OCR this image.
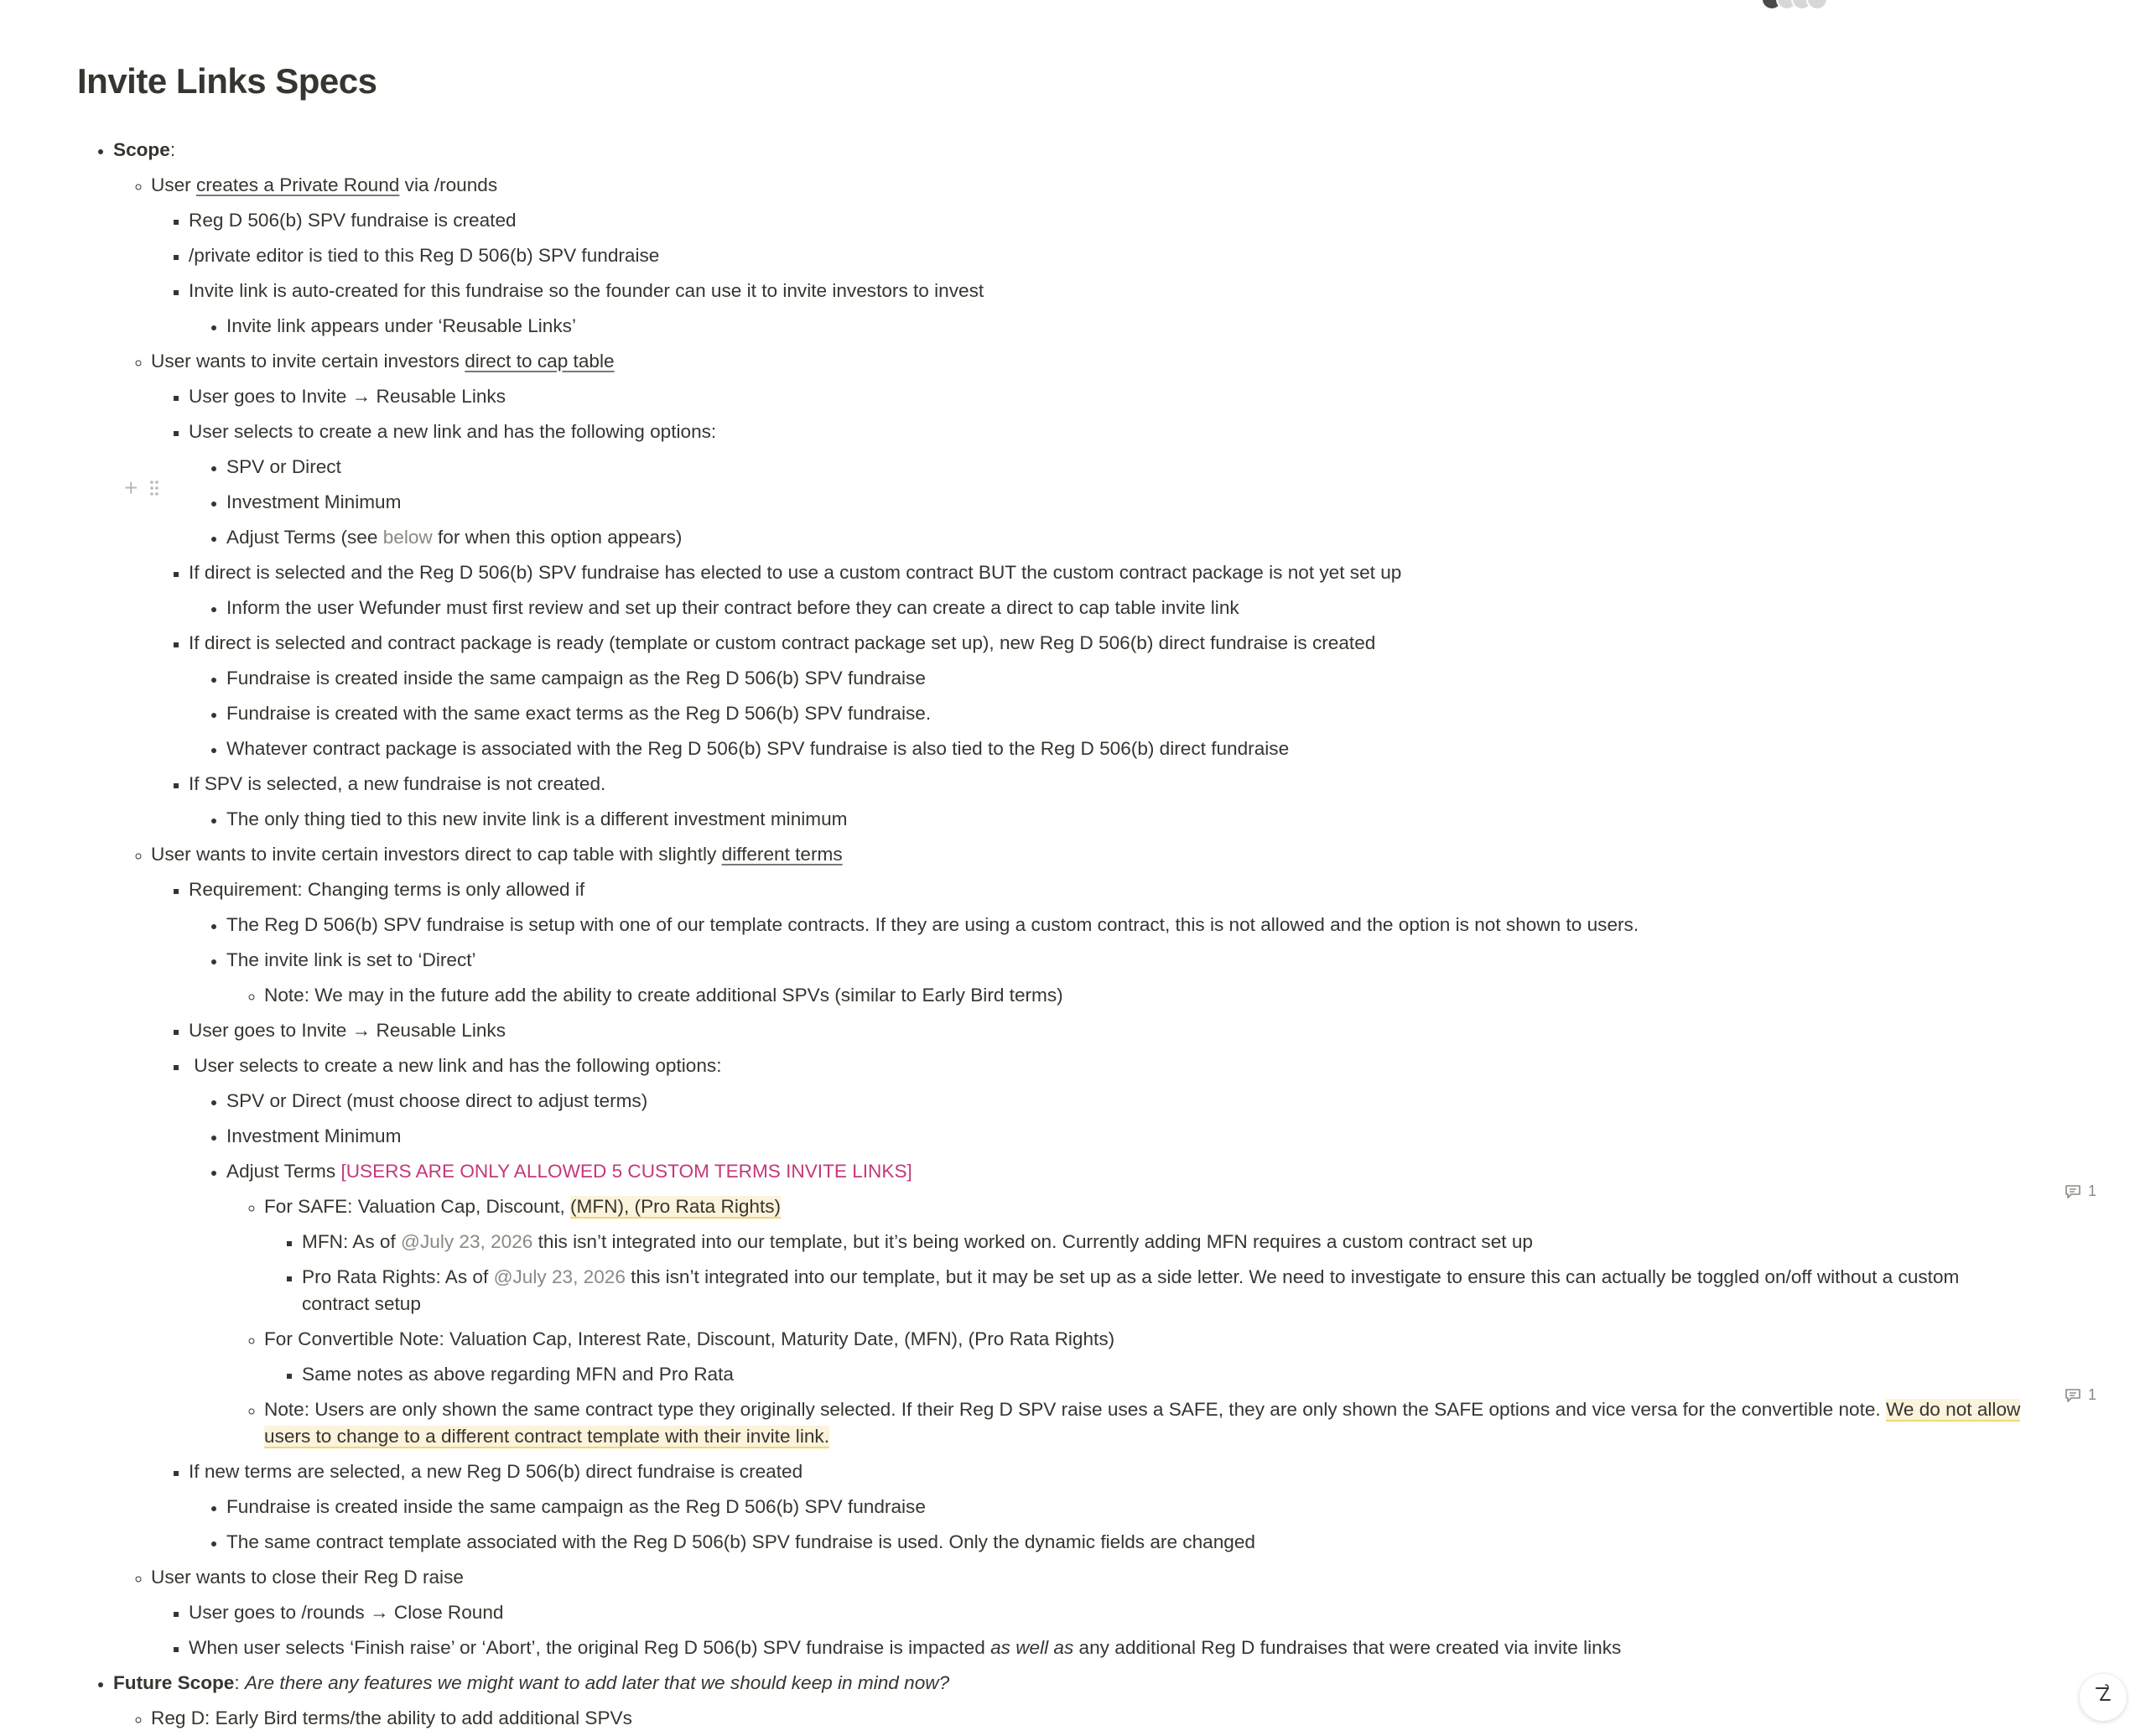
Invite Links Specs
• Scope:
◦ User creates a Private Round via /rounds
▪ Reg D 506(b) SPV fundraise is created
▪ /private editor is tied to this Reg D 506(b) SPV fundraise
▪ Invite link is auto-created for this fundraise so the founder can use it to invite investors to invest
• Invite link appears under ‘Reusable Links’
◦ User wants to invite certain investors direct to cap table
▪ User goes to Invite → Reusable Links
▪ User selects to create a new link and has the following options:
• SPV or Direct
• Investment Minimum
• Adjust Terms (see below for when this option appears)
▪ If direct is selected and the Reg D 506(b) SPV fundraise has elected to use a custom contract BUT the custom contract package is not yet set up
• Inform the user Wefunder must first review and set up their contract before they can create a direct to cap table invite link
▪ If direct is selected and contract package is ready (template or custom contract package set up), new Reg D 506(b) direct fundraise is created
• Fundraise is created inside the same campaign as the Reg D 506(b) SPV fundraise
• Fundraise is created with the same exact terms as the Reg D 506(b) SPV fundraise.
• Whatever contract package is associated with the Reg D 506(b) SPV fundraise is also tied to the Reg D 506(b) direct fundraise
▪ If SPV is selected, a new fundraise is not created.
• The only thing tied to this new invite link is a different investment minimum
◦ User wants to invite certain investors direct to cap table with slightly different terms
▪ Requirement: Changing terms is only allowed if
• The Reg D 506(b) SPV fundraise is setup with one of our template contracts. If they are using a custom contract, this is not allowed and the option is not shown to users.
• The invite link is set to ‘Direct’
◦ Note: We may in the future add the ability to create additional SPVs (similar to Early Bird terms)
▪ User goes to Invite → Reusable Links
▪  User selects to create a new link and has the following options:
• SPV or Direct (must choose direct to adjust terms)
• Investment Minimum
• Adjust Terms [USERS ARE ONLY ALLOWED 5 CUSTOM TERMS INVITE LINKS]
◦ For SAFE: Valuation Cap, Discount, (MFN), (Pro Rata Rights)
▪ MFN: As of @July 23, 2026 this isn’t integrated into our template, but it’s being worked on. Currently adding MFN requires a custom contract set up
▪ Pro Rata Rights: As of @July 23, 2026 this isn’t integrated into our template, but it may be set up as a side letter. We need to investigate to ensure this can actually be toggled on/off without a custom contract setup
◦ For Convertible Note: Valuation Cap, Interest Rate, Discount, Maturity Date, (MFN), (Pro Rata Rights)
▪ Same notes as above regarding MFN and Pro Rata
◦ Note: Users are only shown the same contract type they originally selected. If their Reg D SPV raise uses a SAFE, they are only shown the SAFE options and vice versa for the convertible note. We do not allow users to change to a different contract template with their invite link.
▪ If new terms are selected, a new Reg D 506(b) direct fundraise is created
• Fundraise is created inside the same campaign as the Reg D 506(b) SPV fundraise
• The same contract template associated with the Reg D 506(b) SPV fundraise is used. Only the dynamic fields are changed
◦ User wants to close their Reg D raise
▪ User goes to /rounds → Close Round
▪ When user selects ‘Finish raise’ or ‘Abort’, the original Reg D 506(b) SPV fundraise is impacted as well as any additional Reg D fundraises that were created via invite links
• Future Scope: Are there any features we might want to add later that we should keep in mind now?
◦ Reg D: Early Bird terms/the ability to add additional SPVs
+
1
1
